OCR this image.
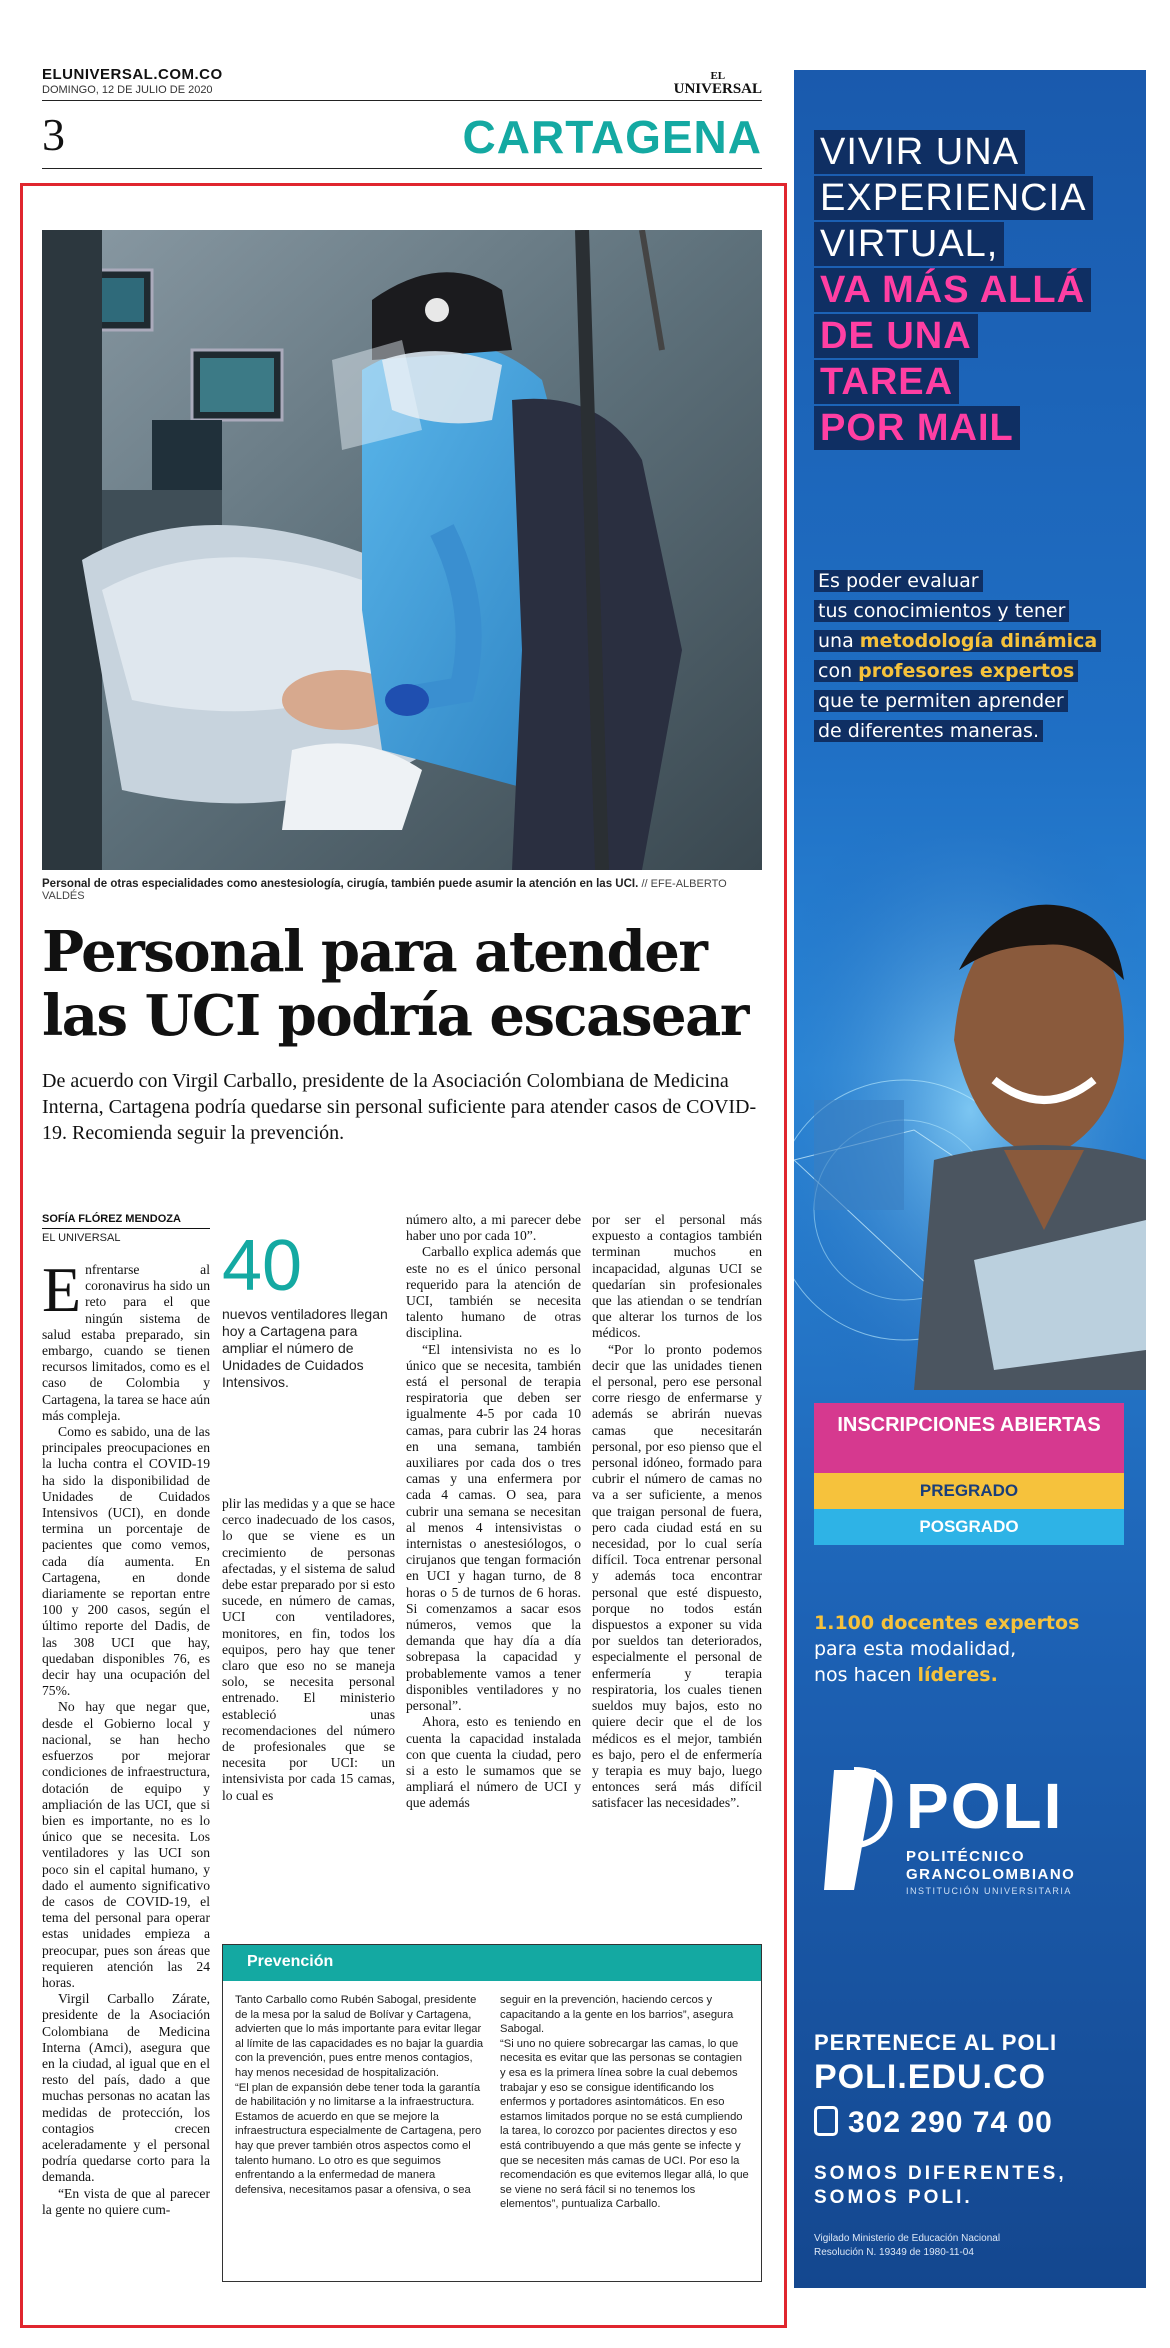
ELUNIVERSAL.COM.CO
DOMINGO, 12 DE JULIO DE 2020
EL
UNIVERSAL
3	CARTAGENA
Personal de otras especialidades como anestesiología, cirugía, también puede asumir la atención en las UCI. // EFE-ALBERTO VALDÉS
Personal para atender las UCI podría escasear
De acuerdo con Virgil Carballo, presidente de la Asociación Colombiana de Medicina Interna, Cartagena podría quedarse sin personal suficiente para atender casos de COVID-19. Recomienda seguir la prevención.
SOFÍA FLÓREZ MENDOZA
EL UNIVERSAL

Enfrentarse al coronavirus ha sido un reto para el que ningún sistema de salud estaba preparado, sin embargo, cuando se tienen recursos limitados, como es el caso de Colombia y Cartagena, la tarea se hace aún más compleja.

Como es sabido, una de las principales preocupaciones en la lucha contra el COVID-19 ha sido la disponibilidad de Unidades de Cuidados Intensivos (UCI), en donde termina un porcentaje de pacientes que como vemos, cada día aumenta. En Cartagena, en donde diariamente se reportan entre 100 y 200 casos, según el último reporte del Dadis, de las 308 UCI que hay, quedaban disponibles 76, es decir hay una ocupación del 75%.

No hay que negar que, desde el Gobierno local y nacional, se han hecho esfuerzos por mejorar condiciones de infraestructura, dotación de equipo y ampliación de las UCI, que si bien es importante, no es lo único que se necesita. Los ventiladores y las UCI son poco sin el capital humano, y dado el aumento significativo de casos de COVID-19, el tema del personal para operar estas unidades empieza a preocupar, pues son áreas que requieren atención las 24 horas.

Virgil Carballo Zárate, presidente de la Asociación Colombiana de Medicina Interna (Amci), asegura que en la ciudad, al igual que en el resto del país, dado a que muchas personas no acatan las medidas de protección, los contagios crecen aceleradamente y el personal podría quedarse corto para la demanda.

“En vista de que al parecer la gente no quiere cum-

40
nuevos ventiladores llegan hoy a Cartagena para ampliar el número de Unidades de Cuidados Intensivos.

plir las medidas y a que se hace cerco inadecuado de los casos, lo que se viene es un crecimiento de personas afectadas, y el sistema de salud debe estar preparado por si esto sucede, en número de camas, UCI con ventiladores, monitores, en fin, todos los equipos, pero hay que tener claro que eso no se maneja solo, se necesita personal entrenado. El ministerio estableció unas recomendaciones del número de profesionales que se necesita por UCI: un intensivista por cada 15 camas, lo cual es

número alto, a mi parecer debe haber uno por cada 10”.

Carballo explica además que este no es el único personal requerido para la atención de UCI, también se necesita talento humano de otras disciplina.

“El intensivista no es lo único que se necesita, también está el personal de terapia respiratoria que deben ser igualmente 4-5 por cada 10 camas, para cubrir las 24 horas en una semana, también auxiliares por cada dos o tres camas y una enfermera por cada 4 camas. O sea, para cubrir una semana se necesitan al menos 4 intensivistas o internistas o anestesiólogos, o cirujanos que tengan formación en UCI y hagan turno, de 8 horas o 5 de turnos de 6 horas. Si comenzamos a sacar esos números, vemos que la demanda que hay día a día sobrepasa la capacidad y probablemente vamos a tener disponibles ventiladores y no personal”.

Ahora, esto es teniendo en cuenta la capacidad instalada con que cuenta la ciudad, pero si a esto le sumamos que se ampliará el número de UCI y que además

por ser el personal más expuesto a contagios también terminan muchos en incapacidad, algunas UCI se quedarían sin profesionales que las atiendan o se tendrían que alterar los turnos de los médicos.

“Por lo pronto podemos decir que las unidades tienen el personal, pero ese personal corre riesgo de enfermarse y además se abrirán nuevas camas que necesitarán personal, por eso pienso que el personal idóneo, formado para cubrir el número de camas no va a ser suficiente, a menos que traigan personal de fuera, pero cada ciudad está en su necesidad, por lo cual sería difícil. Toca entrenar personal y además toca encontrar personal que esté dispuesto, porque no todos están dispuestos a exponer su vida por sueldos tan deteriorados, especialmente el personal de enfermería y terapia respiratoria, los cuales tienen sueldos muy bajos, esto no quiere decir que el de los médicos es el mejor, también es bajo, pero el de enfermería y terapia es muy bajo, luego entonces será más difícil satisfacer las necesidades”.

Prevención
Tanto Carballo como Rubén Sabogal, presidente de la mesa por la salud de Bolívar y Cartagena, advierten que lo más importante para evitar llegar al límite de las capacidades es no bajar la guardia con la prevención, pues entre menos contagios, hay menos necesidad de hospitalización.
“El plan de expansión debe tener toda la garantía de habilitación y no limitarse a la infraestructura. Estamos de acuerdo en que se mejore la infraestructura especialmente de Cartagena, pero hay que prever también otros aspectos como el talento humano. Lo otro es que seguimos enfrentando a la enfermedad de manera defensiva, necesitamos pasar a ofensiva, o sea
seguir en la prevención, haciendo cercos y capacitando a la gente en los barrios”, asegura Sabogal.
“Si uno no quiere sobrecargar las camas, lo que necesita es evitar que las personas se contagien y esa es la primera línea sobre la cual debemos trabajar y eso se consigue identificando los enfermos y portadores asintomáticos. En eso estamos limitados porque no se está cumpliendo la tarea, lo corozco por pacientes directos y eso está contribuyendo a que más gente se infecte y que se necesiten más camas de UCI. Por eso la recomendación es que evitemos llegar allá, lo que se viene no será fácil si no tenemos los elementos”, puntualiza Carballo.
VIVIR UNA
EXPERIENCIA
VIRTUAL,
VA MÁS ALLÁ
DE UNA
TAREA
POR MAIL
Es poder evaluar
tus conocimientos y tener
una metodología dinámica
con profesores expertos
que te permiten aprender
de diferentes maneras.
INSCRIPCIONES ABIERTAS
PREGRADO
POSGRADO
1.100 docentes expertos
para esta modalidad,
nos hacen líderes.
POLI
POLITÉCNICO
GRANCOLOMBIANO
INSTITUCIÓN UNIVERSITARIA
PERTENECE AL POLI
POLI.EDU.CO
302 290 74 00
SOMOS DIFERENTES,
SOMOS POLI.
Vigilado Ministerio de Educación Nacional
Resolución N. 19349 de 1980-11-04
